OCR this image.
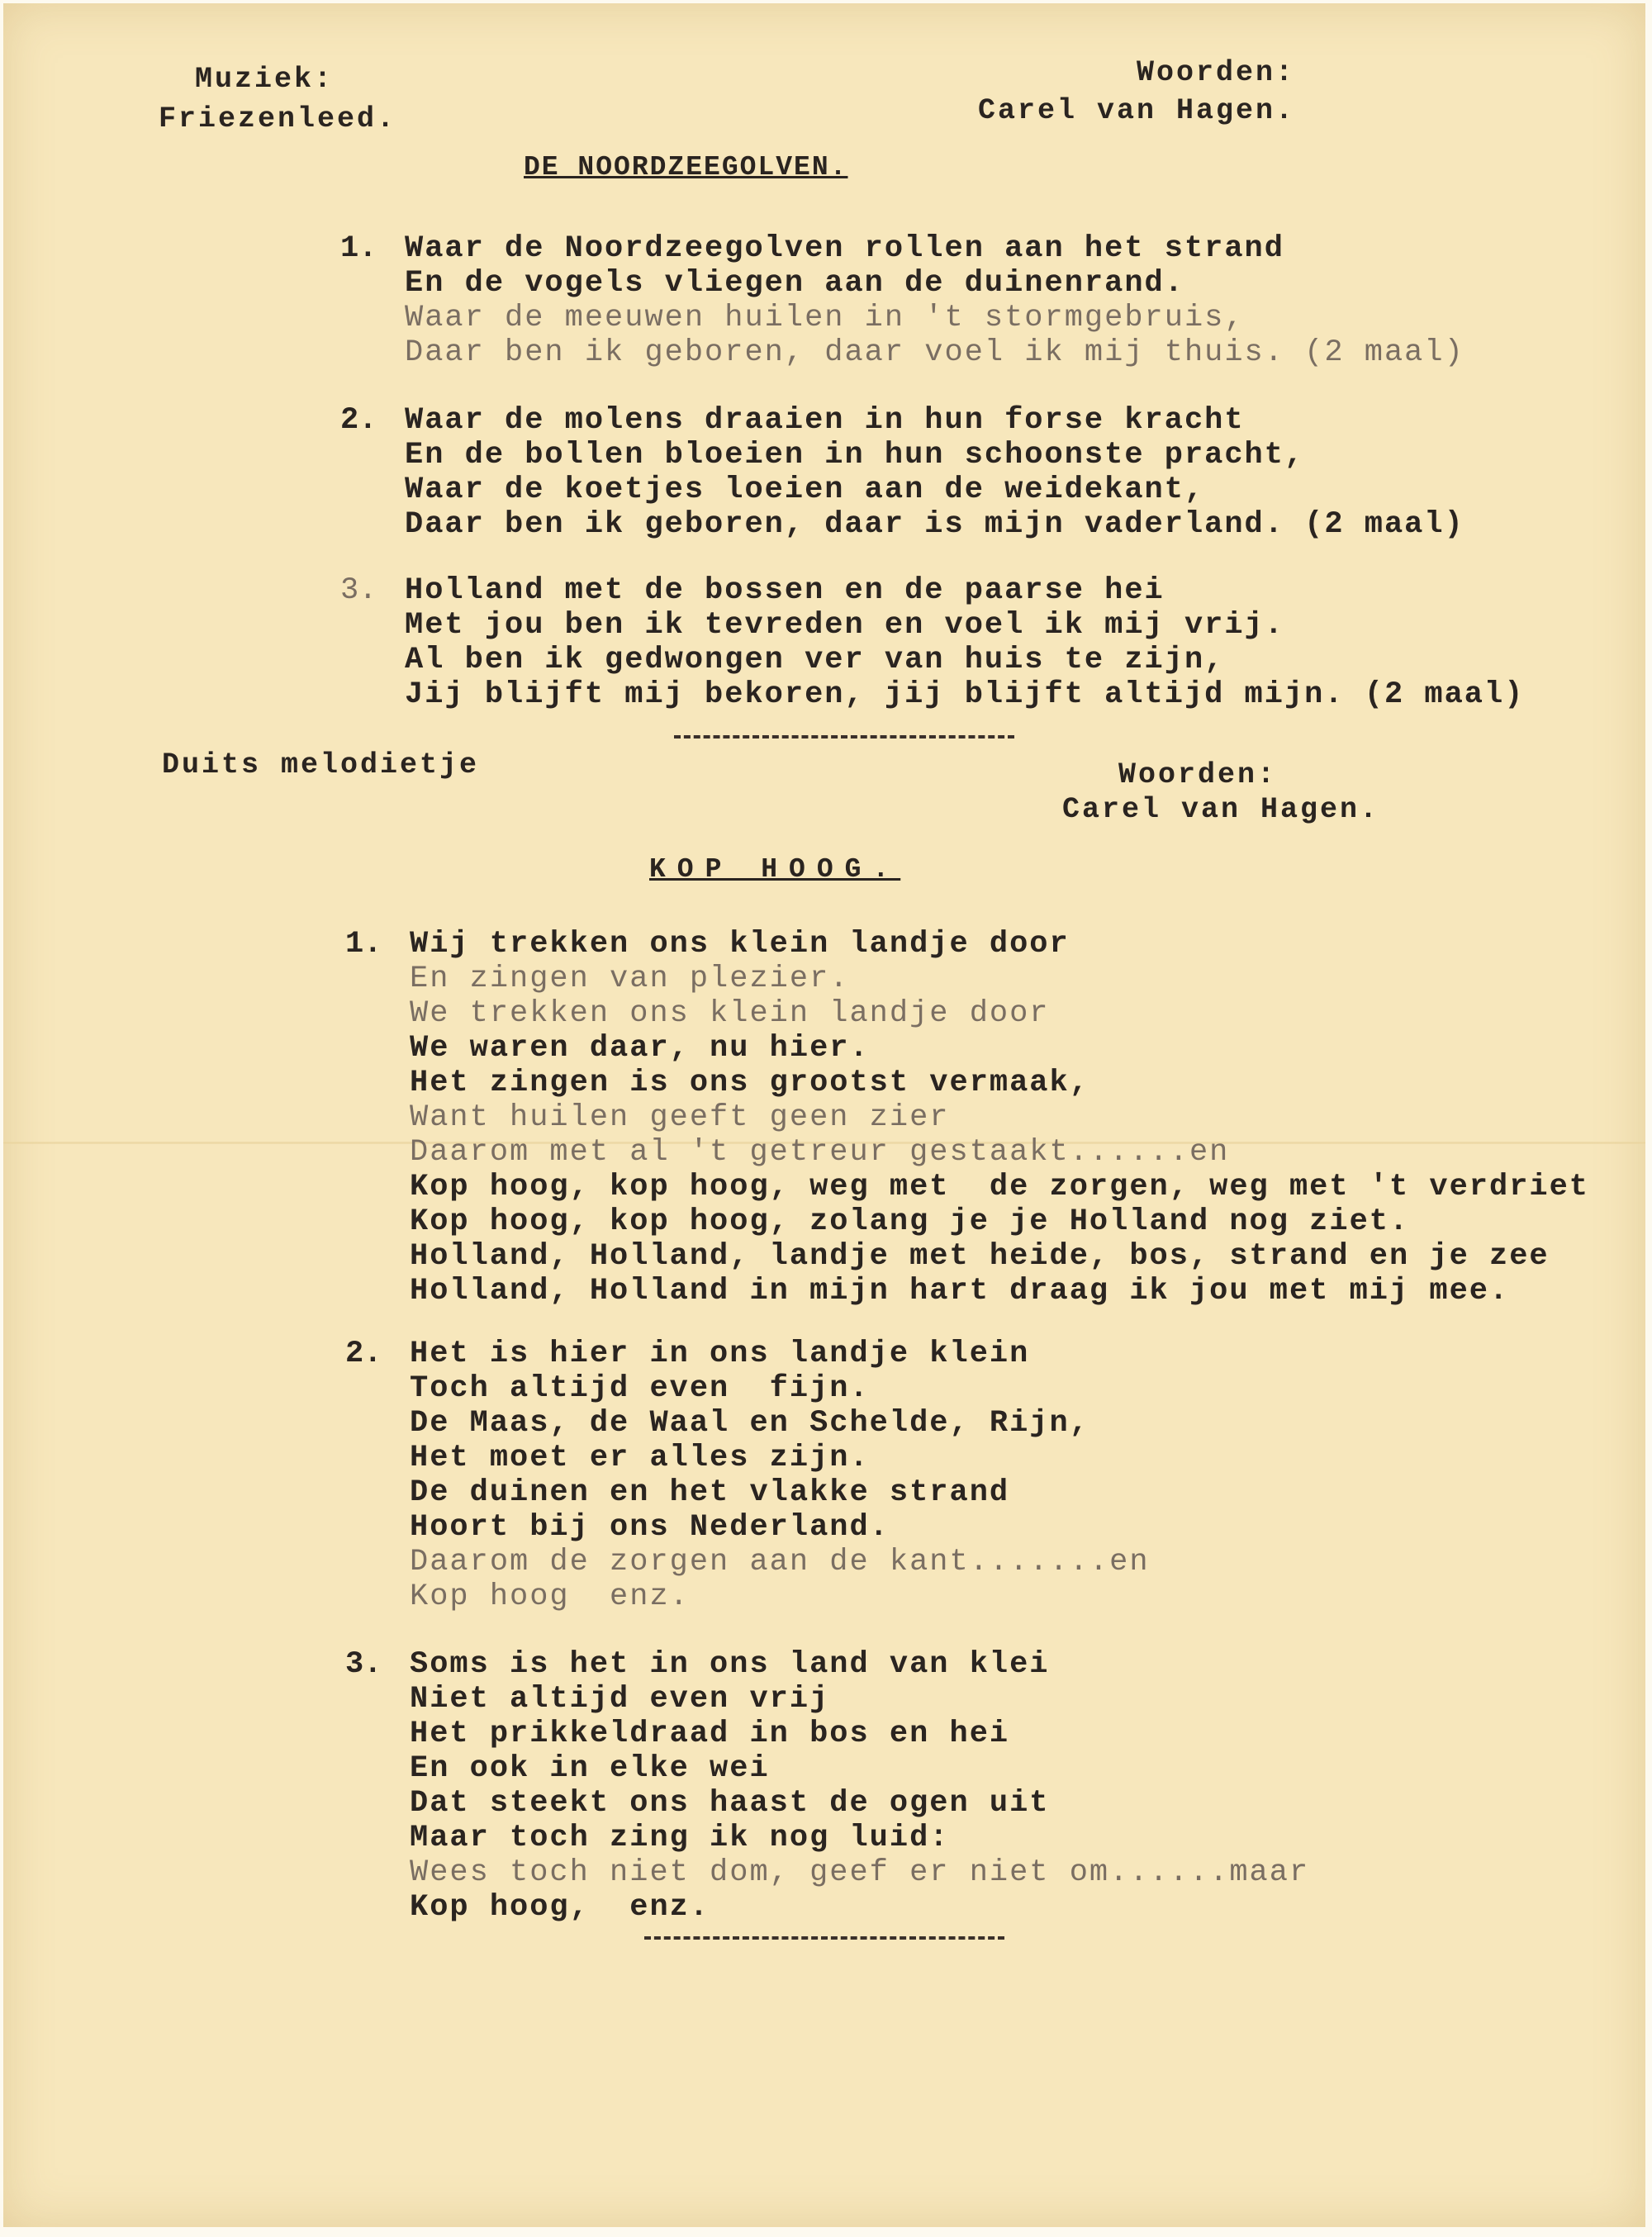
Muziek:
Friezenleed.
Woorden:
Carel van Hagen.
DE NOORDZEEGOLVEN.
1. Waar de Noordzeegolven rollen aan het strand
En de vogels vliegen aan de duinenrand.
Waar de meeuwen huilen in 't stormgebruis,
Daar ben ik geboren, daar voel ik mij thuis. (2 maal)
2. Waar de molens draaien in hun forse kracht
En de bollen bloeien in hun schoonste pracht,
Waar de koetjes loeien aan de weidekant,
Daar ben ik geboren, daar is mijn vaderland. (2 maal)
3. Holland met de bossen en de paarse hei
Met jou ben ik tevreden en voel ik mij vrij.
Al ben ik gedwongen ver van huis te zijn,
Jij blijft mij bekoren, jij blijft altijd mijn. (2 maal)
Duits melodietje	Woorden:
Carel van Hagen.
KOP HOOG.
1. Wij trekken ons klein landje door
En zingen van plezier.
We trekken ons klein landje door
We waren daar, nu hier.
Het zingen is ons grootst vermaak,
Want huilen geeft geen zier
Daarom met al 't getreur gestaakt......en
Kop hoog, kop hoog, weg met  de zorgen, weg met 't verdriet
Kop hoog, kop hoog, zolang je je Holland nog ziet.
Holland, Holland, landje met heide, bos, strand en je zee
Holland, Holland in mijn hart draag ik jou met mij mee.
2. Het is hier in ons landje klein
Toch altijd even  fijn.
De Maas, de Waal en Schelde, Rijn,
Het moet er alles zijn.
De duinen en het vlakke strand
Hoort bij ons Nederland.
Daarom de zorgen aan de kant.......en
Kop hoog  enz.
3. Soms is het in ons land van klei
Niet altijd even vrij
Het prikkeldraad in bos en hei
En ook in elke wei
Dat steekt ons haast de ogen uit
Maar toch zing ik nog luid:
Wees toch niet dom, geef er niet om......maar
Kop hoog,  enz.
